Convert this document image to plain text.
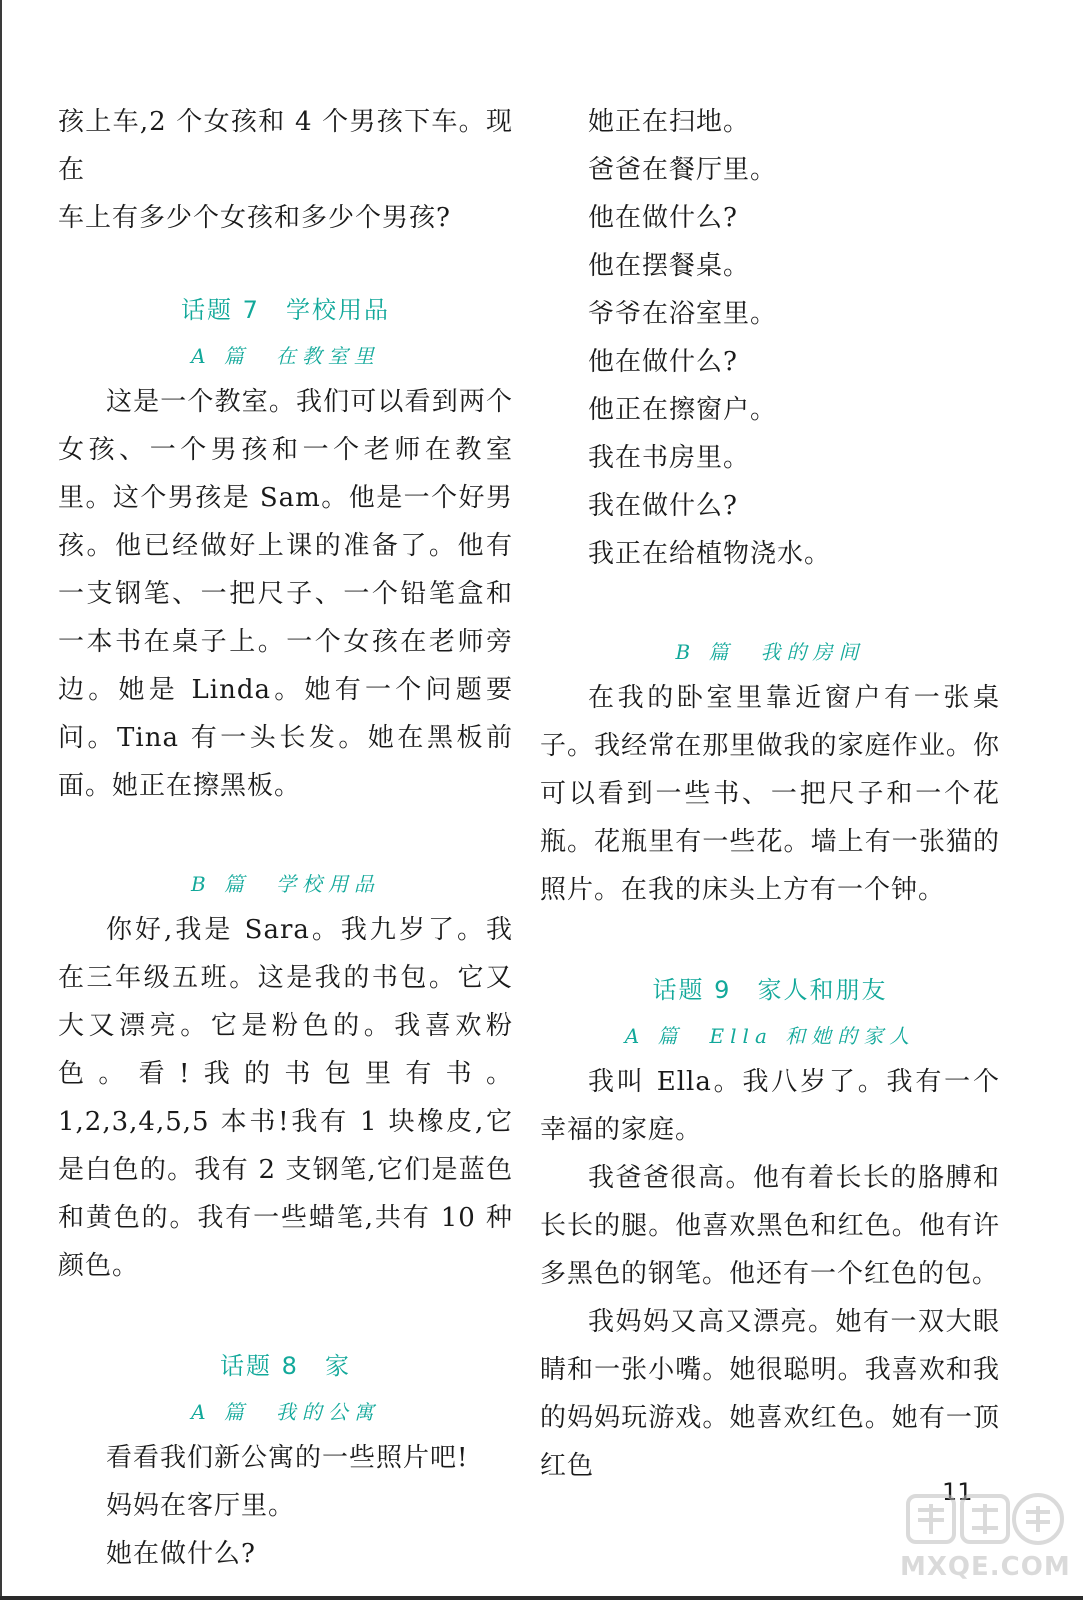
孩上车,2 个女孩和 4 个男孩下车。现在

车上有多少个女孩和多少个男孩?

话题 7　学校用品

A 篇　在教室里

这是一个教室。我们可以看到两个女孩、一个男孩和一个老师在教室里。这个男孩是 Sam。他是一个好男孩。他已经做好上课的准备了。他有一支钢笔、一把尺子、一个铅笔盒和一本书在桌子上。一个女孩在老师旁边。她是 Linda。她有一个问题要问。Tina 有一头长发。她在黑板前面。她正在擦黑板。

B 篇　学校用品

你好,我是 Sara。我九岁了。我在三年级五班。这是我的书包。它又大又漂亮。它是粉色的。我喜欢粉色。看!我的书包里有书。1,2,3,4,5,5 本书!我有 1 块橡皮,它是白色的。我有 2 支钢笔,它们是蓝色和黄色的。我有一些蜡笔,共有 10 种颜色。

话题 8　家

A 篇　我的公寓

看看我们新公寓的一些照片吧!

妈妈在客厅里。

她在做什么?

她正在扫地。

爸爸在餐厅里。

他在做什么?

他在摆餐桌。

爷爷在浴室里。

他在做什么?

他正在擦窗户。

我在书房里。

我在做什么?

我正在给植物浇水。

B 篇　我的房间

在我的卧室里靠近窗户有一张桌子。我经常在那里做我的家庭作业。你可以看到一些书、一把尺子和一个花瓶。花瓶里有一些花。墙上有一张猫的照片。在我的床头上方有一个钟。

话题 9　家人和朋友

A 篇　Ella 和她的家人

我叫 Ella。我八岁了。我有一个幸福的家庭。

我爸爸很高。他有着长长的胳膊和长长的腿。他喜欢黑色和红色。他有许多黑色的钢笔。他还有一个红色的包。

我妈妈又高又漂亮。她有一双大眼睛和一张小嘴。她很聪明。我喜欢和我的妈妈玩游戏。她喜欢红色。她有一顶红色

11
MXQE.COM
